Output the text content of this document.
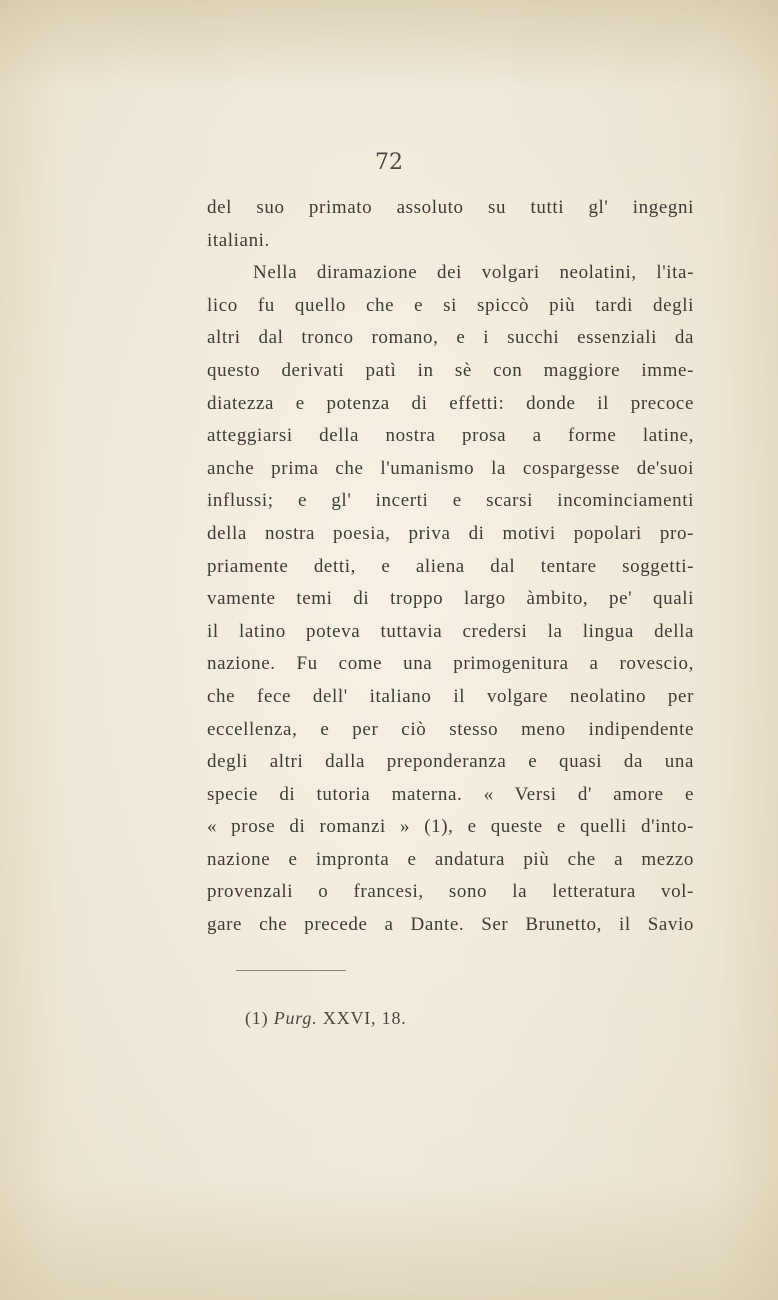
72
del suo primato assoluto su tutti gl' ingegni
italiani.
Nella diramazione dei volgari neolatini, l'ita-
lico fu quello che e si spiccò più tardi degli
altri dal tronco romano, e i succhi essenziali da
questo derivati patì in sè con maggiore imme-
diatezza e potenza di effetti: donde il precoce
atteggiarsi della nostra prosa a forme latine,
anche prima che l'umanismo la cospargesse de'suoi
influssi; e gl' incerti e scarsi incominciamenti
della nostra poesia, priva di motivi popolari pro-
priamente detti, e aliena dal tentare soggetti-
vamente temi di troppo largo àmbito, pe' quali
il latino poteva tuttavia credersi la lingua della
nazione. Fu come una primogenitura a rovescio,
che fece dell' italiano il volgare neolatino per
eccellenza, e per ciò stesso meno indipendente
degli altri dalla preponderanza e quasi da una
specie di tutoria materna. « Versi d' amore e
« prose di romanzi » (1), e queste e quelli d'into-
nazione e impronta e andatura più che a mezzo
provenzali o francesi, sono la letteratura vol-
gare che precede a Dante. Ser Brunetto, il Savio
(1) Purg. XXVI, 18.
